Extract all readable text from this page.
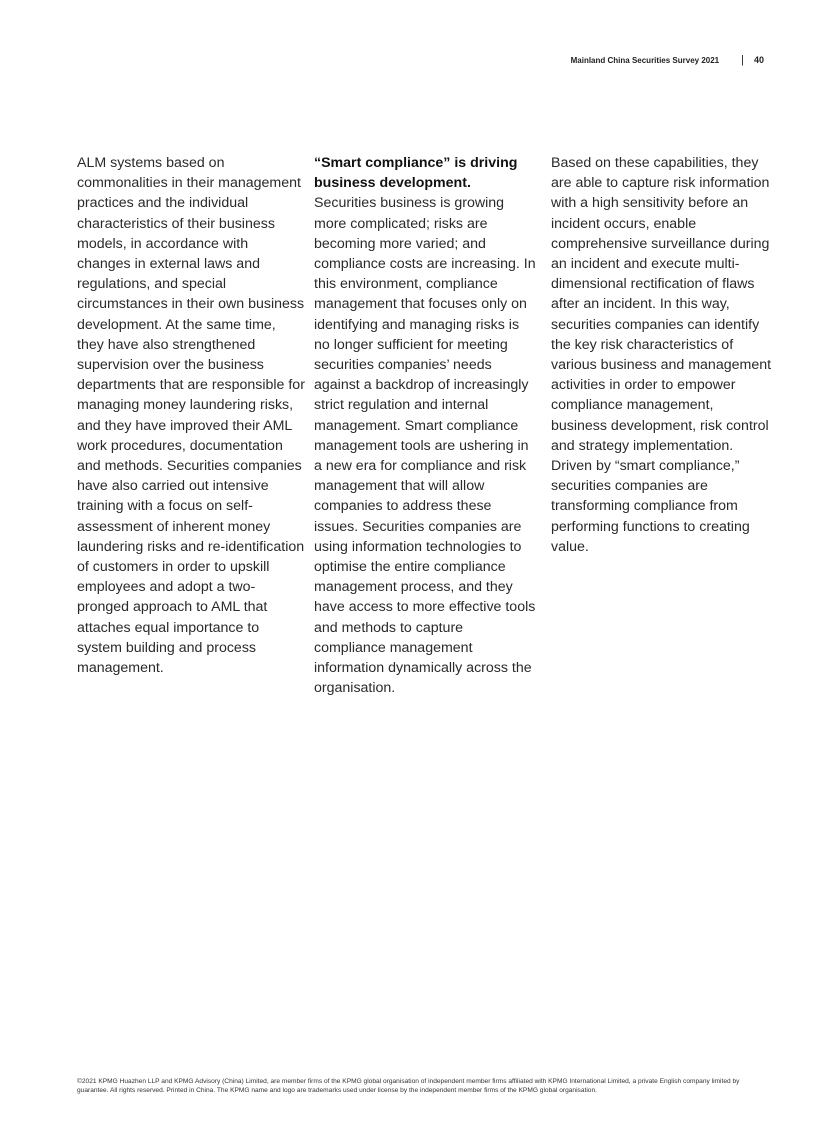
Mainland China Securities Survey 2021 | 40

ALM systems based on commonalities in their management practices and the individual characteristics of their business models, in accordance with changes in external laws and regulations, and special circumstances in their own business development. At the same time, they have also strengthened supervision over the business departments that are responsible for managing money laundering risks, and they have improved their AML work procedures, documentation and methods. Securities companies have also carried out intensive training with a focus on self-assessment of inherent money laundering risks and re-identification of customers in order to upskill employees and adopt a two-pronged approach to AML that attaches equal importance to system building and process management.

“Smart compliance” is driving business development. Securities business is growing more complicated; risks are becoming more varied; and compliance costs are increasing. In this environment, compliance management that focuses only on identifying and managing risks is no longer sufficient for meeting securities companies’ needs against a backdrop of increasingly strict regulation and internal management. Smart compliance management tools are ushering in a new era for compliance and risk management that will allow companies to address these issues. Securities companies are using information technologies to optimise the entire compliance management process, and they have access to more effective tools and methods to capture compliance management information dynamically across the organisation.

Based on these capabilities, they are able to capture risk information with a high sensitivity before an incident occurs, enable comprehensive surveillance during an incident and execute multi-dimensional rectification of flaws after an incident. In this way, securities companies can identify the key risk characteristics of various business and management activities in order to empower compliance management, business development, risk control and strategy implementation. Driven by “smart compliance,” securities companies are transforming compliance from performing functions to creating value.

©2021 KPMG Huazhen LLP and KPMG Advisory (China) Limited, are member firms of the KPMG global organisation of independent member firms affiliated with KPMG International Limited, a private English company limited by guarantee. All rights reserved. Printed in China. The KPMG name and logo are trademarks used under license by the independent member firms of the KPMG global organisation.
